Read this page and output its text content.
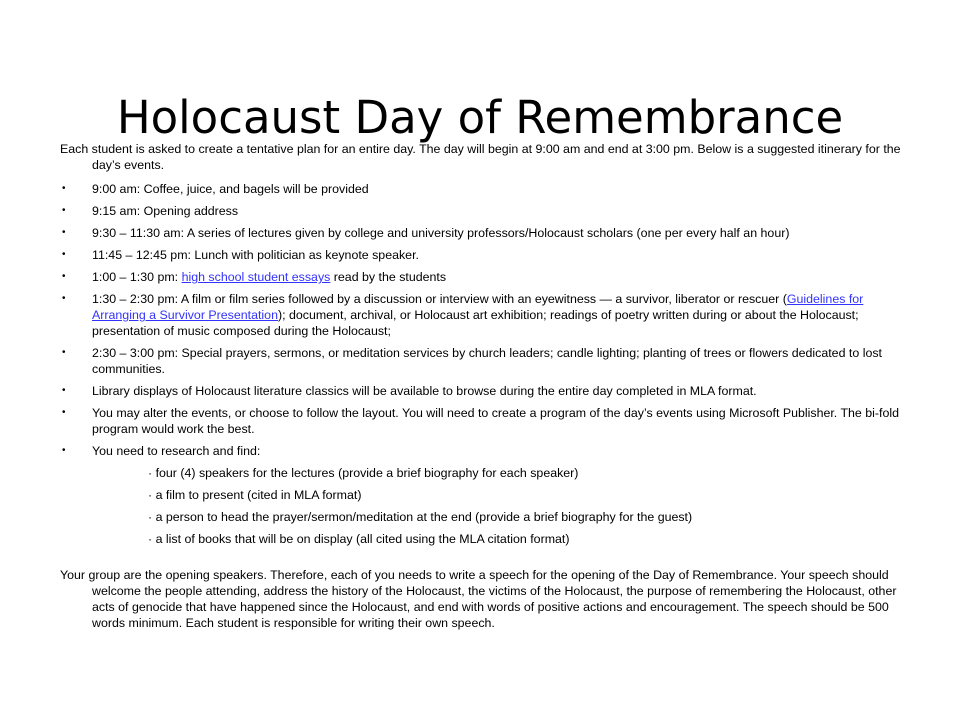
Holocaust Day of Remembrance

Each student is asked to create a tentative plan for an entire day. The day will begin at 9:00 am and end at 3:00 pm. Below is a suggested itinerary for the day’s events.

• 9:00 am: Coffee, juice, and bagels will be provided
• 9:15 am: Opening address
• 9:30 – 11:30 am: A series of lectures given by college and university professors/Holocaust scholars (one per every half an hour)
• 11:45 – 12:45 pm: Lunch with politician as keynote speaker.
• 1:00 – 1:30 pm: high school student essays read by the students
• 1:30 – 2:30 pm: A film or film series followed by a discussion or interview with an eyewitness — a survivor, liberator or rescuer (Guidelines for Arranging a Survivor Presentation); document, archival, or Holocaust art exhibition; readings of poetry written during or about the Holocaust; presentation of music composed during the Holocaust;
• 2:30 – 3:00 pm: Special prayers, sermons, or meditation services by church leaders; candle lighting; planting of trees or flowers dedicated to lost communities.
• Library displays of Holocaust literature classics will be available to browse during the entire day completed in MLA format.
• You may alter the events, or choose to follow the layout. You will need to create a program of the day’s events using Microsoft Publisher. The bi-fold program would work the best.
• You need to research and find:

· four (4) speakers for the lectures (provide a brief biography for each speaker)

· a film to present (cited in MLA format)

· a person to head the prayer/sermon/meditation at the end (provide a brief biography for the guest)

· a list of books that will be on display (all cited using the MLA citation format)

Your group are the opening speakers. Therefore, each of you needs to write a speech for the opening of the Day of Remembrance. Your speech should welcome the people attending, address the history of the Holocaust, the victims of the Holocaust, the purpose of remembering the Holocaust, other acts of genocide that have happened since the Holocaust, and end with words of positive actions and encouragement. The speech should be 500 words minimum. Each student is responsible for writing their own speech.
